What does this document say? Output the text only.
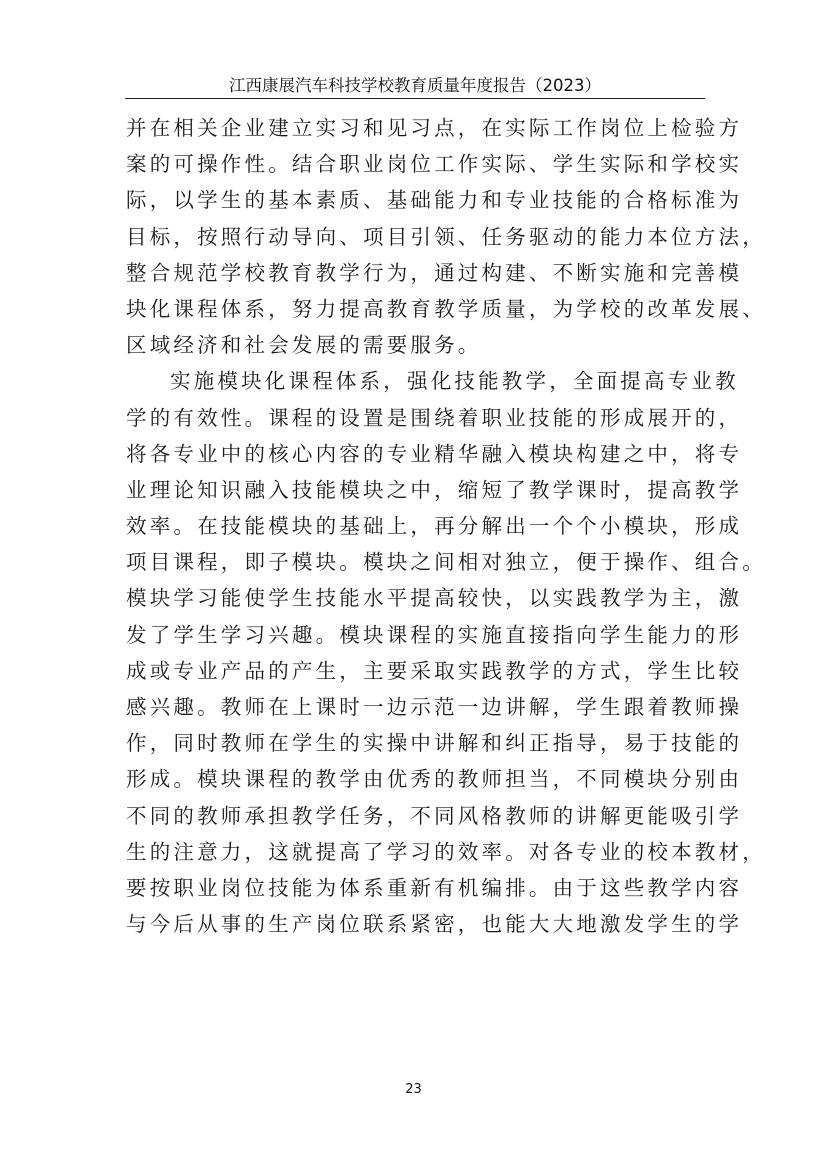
江西康展汽车科技学校教育质量年度报告（2023）
并在相关企业建立实习和见习点，在实际工作岗位上检验方
案的可操作性。结合职业岗位工作实际、学生实际和学校实
际，以学生的基本素质、基础能力和专业技能的合格标准为
目标，按照行动导向、项目引领、任务驱动的能力本位方法，
整合规范学校教育教学行为，通过构建、不断实施和完善模
块化课程体系，努力提高教育教学质量，为学校的改革发展、
区域经济和社会发展的需要服务。
实施模块化课程体系，强化技能教学，全面提高专业教
学的有效性。课程的设置是围绕着职业技能的形成展开的，
将各专业中的核心内容的专业精华融入模块构建之中，将专
业理论知识融入技能模块之中，缩短了教学课时，提高教学
效率。在技能模块的基础上，再分解出一个个小模块，形成
项目课程，即子模块。模块之间相对独立，便于操作、组合。
模块学习能使学生技能水平提高较快，以实践教学为主，激
发了学生学习兴趣。模块课程的实施直接指向学生能力的形
成或专业产品的产生，主要采取实践教学的方式，学生比较
感兴趣。教师在上课时一边示范一边讲解，学生跟着教师操
作，同时教师在学生的实操中讲解和纠正指导，易于技能的
形成。模块课程的教学由优秀的教师担当，不同模块分别由
不同的教师承担教学任务，不同风格教师的讲解更能吸引学
生的注意力，这就提高了学习的效率。对各专业的校本教材，
要按职业岗位技能为体系重新有机编排。由于这些教学内容
与今后从事的生产岗位联系紧密，也能大大地激发学生的学
23
